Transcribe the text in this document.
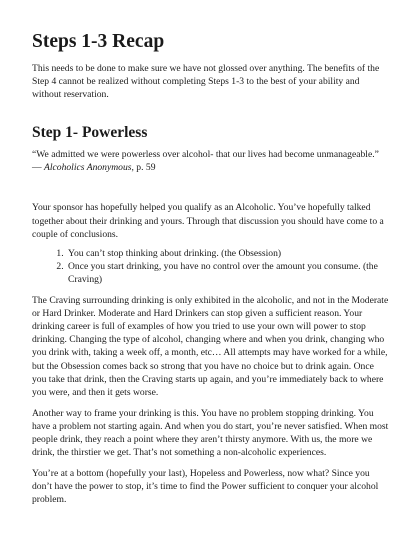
Steps 1-3 Recap

This needs to be done to make sure we have not glossed over anything. The benefits of the Step 4 cannot be realized without completing Steps 1-3 to the best of your ability and without reservation.

Step 1- Powerless

“We admitted we were powerless over alcohol- that our lives had become unmanageable.”

— Alcoholics Anonymous, p. 59

Your sponsor has hopefully helped you qualify as an Alcoholic. You’ve hopefully talked together about their drinking and yours. Through that discussion you should have come to a couple of conclusions.

1. You can’t stop thinking about drinking. (the Obsession)
2. Once you start drinking, you have no control over the amount you consume. (the Craving)

The Craving surrounding drinking is only exhibited in the alcoholic, and not in the Moderate or Hard Drinker. Moderate and Hard Drinkers can stop given a sufficient reason. Your drinking career is full of examples of how you tried to use your own will power to stop drinking. Changing the type of alcohol, changing where and when you drink, changing who you drink with, taking a week off, a month, etc… All attempts may have worked for a while, but the Obsession comes back so strong that you have no choice but to drink again. Once you take that drink, then the Craving starts up again, and you’re immediately back to where you were, and then it gets worse.

Another way to frame your drinking is this. You have no problem stopping drinking. You have a problem not starting again. And when you do start, you’re never satisfied. When most people drink, they reach a point where they aren’t thirsty anymore. With us, the more we drink, the thirstier we get. That’s not something a non-alcoholic experiences.

You’re at a bottom (hopefully your last), Hopeless and Powerless, now what? Since you don’t have the power to stop, it’s time to find the Power sufficient to conquer your alcohol problem.
